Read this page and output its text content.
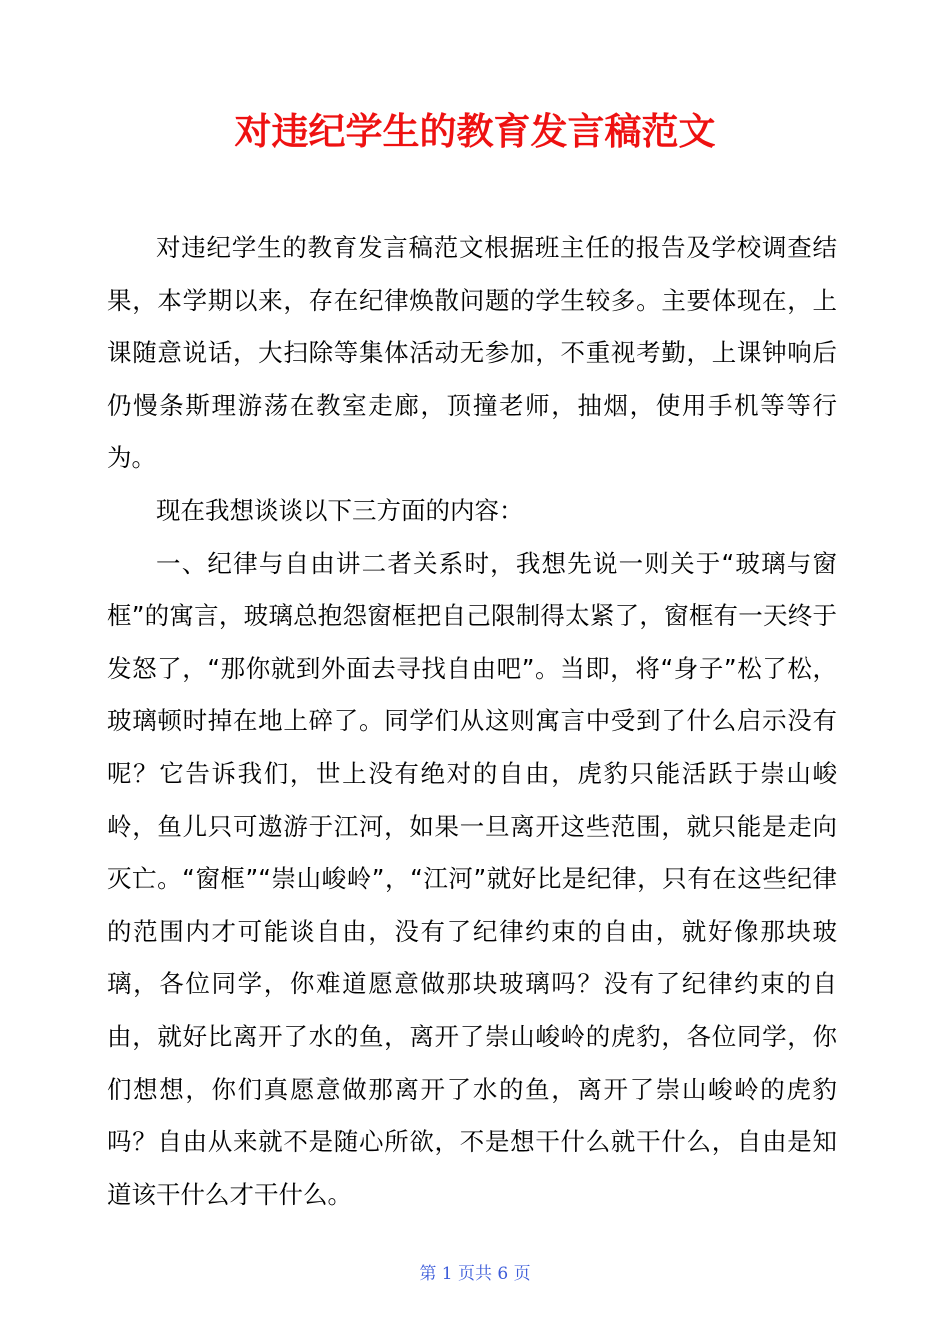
对违纪学生的教育发言稿范文

对违纪学生的教育发言稿范文根据班主任的报告及学校调查结果，本学期以来，存在纪律焕散问题的学生较多。主要体现在，上课随意说话，大扫除等集体活动无参加，不重视考勤，上课钟响后仍慢条斯理游荡在教室走廊，顶撞老师，抽烟，使用手机等等行为。

现在我想谈谈以下三方面的内容：

一、纪律与自由讲二者关系时，我想先说一则关于“玻璃与窗框”的寓言，玻璃总抱怨窗框把自己限制得太紧了，窗框有一天终于发怒了，“那你就到外面去寻找自由吧”。当即，将“身子”松了松，玻璃顿时掉在地上碎了。同学们从这则寓言中受到了什么启示没有呢？它告诉我们，世上没有绝对的自由，虎豹只能活跃于崇山峻岭，鱼儿只可遨游于江河，如果一旦离开这些范围，就只能是走向灭亡。“窗框”“崇山峻岭”，“江河”就好比是纪律，只有在这些纪律的范围内才可能谈自由，没有了纪律约束的自由，就好像那块玻璃，各位同学，你难道愿意做那块玻璃吗？没有了纪律约束的自由，就好比离开了水的鱼，离开了崇山峻岭的虎豹，各位同学，你们想想，你们真愿意做那离开了水的鱼，离开了崇山峻岭的虎豹吗？自由从来就不是随心所欲，不是想干什么就干什么，自由是知道该干什么才干什么。

第 1 页共 6 页
